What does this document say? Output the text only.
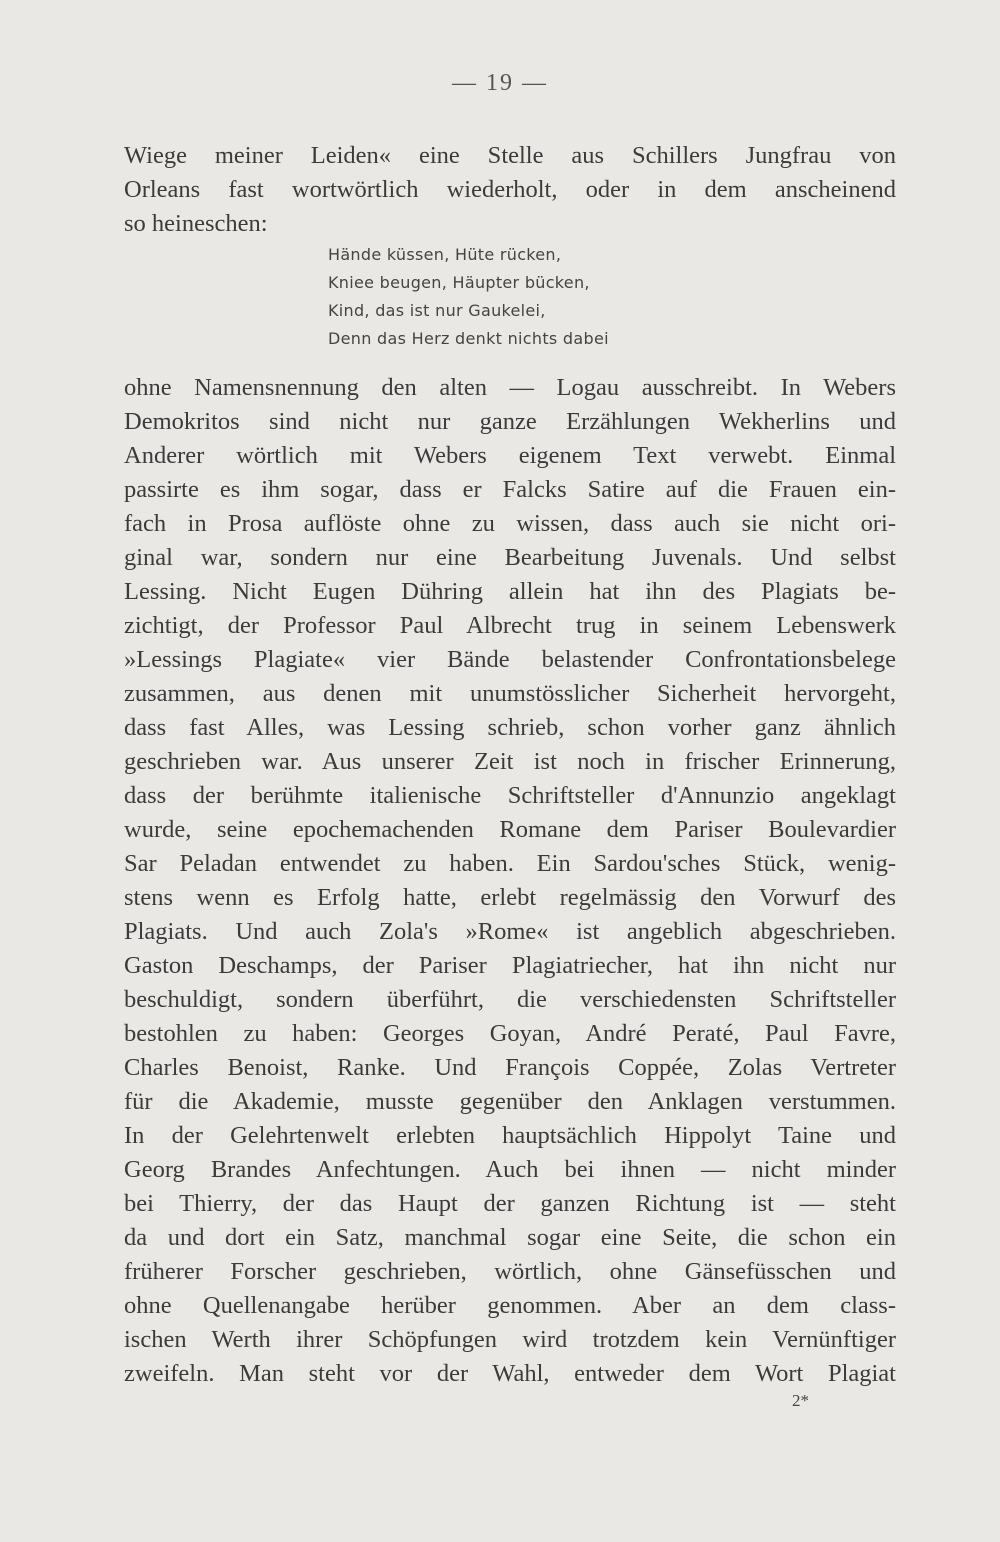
— 19 —
Wiege meiner Leiden« eine Stelle aus Schillers Jungfrau von
Orleans fast wortwörtlich wiederholt, oder in dem anscheinend
so heineschen:
Hände küssen, Hüte rücken,
Kniee beugen, Häupter bücken,
Kind, das ist nur Gaukelei,
Denn das Herz denkt nichts dabei
ohne Namensnennung den alten — Logau ausschreibt. In Webers
Demokritos sind nicht nur ganze Erzählungen Wekherlins und
Anderer wörtlich mit Webers eigenem Text verwebt. Einmal
passirte es ihm sogar, dass er Falcks Satire auf die Frauen ein-
fach in Prosa auflöste ohne zu wissen, dass auch sie nicht ori-
ginal war, sondern nur eine Bearbeitung Juvenals. Und selbst
Lessing. Nicht Eugen Dühring allein hat ihn des Plagiats be-
zichtigt, der Professor Paul Albrecht trug in seinem Lebenswerk
»Lessings Plagiate« vier Bände belastender Confrontationsbelege
zusammen, aus denen mit unumstösslicher Sicherheit hervorgeht,
dass fast Alles, was Lessing schrieb, schon vorher ganz ähnlich
geschrieben war. Aus unserer Zeit ist noch in frischer Erinnerung,
dass der berühmte italienische Schriftsteller d'Annunzio angeklagt
wurde, seine epochemachenden Romane dem Pariser Boulevardier
Sar Peladan entwendet zu haben. Ein Sardou'sches Stück, wenig-
stens wenn es Erfolg hatte, erlebt regelmässig den Vorwurf des
Plagiats. Und auch Zola's »Rome« ist angeblich abgeschrieben.
Gaston Deschamps, der Pariser Plagiatriecher, hat ihn nicht nur
beschuldigt, sondern überführt, die verschiedensten Schriftsteller
bestohlen zu haben: Georges Goyan, André Peraté, Paul Favre,
Charles Benoist, Ranke. Und François Coppée, Zolas Vertreter
für die Akademie, musste gegenüber den Anklagen verstummen.
In der Gelehrtenwelt erlebten hauptsächlich Hippolyt Taine und
Georg Brandes Anfechtungen. Auch bei ihnen — nicht minder
bei Thierry, der das Haupt der ganzen Richtung ist — steht
da und dort ein Satz, manchmal sogar eine Seite, die schon ein
früherer Forscher geschrieben, wörtlich, ohne Gänsefüsschen und
ohne Quellenangabe herüber genommen. Aber an dem class-
ischen Werth ihrer Schöpfungen wird trotzdem kein Vernünftiger
zweifeln. Man steht vor der Wahl, entweder dem Wort Plagiat
2*
